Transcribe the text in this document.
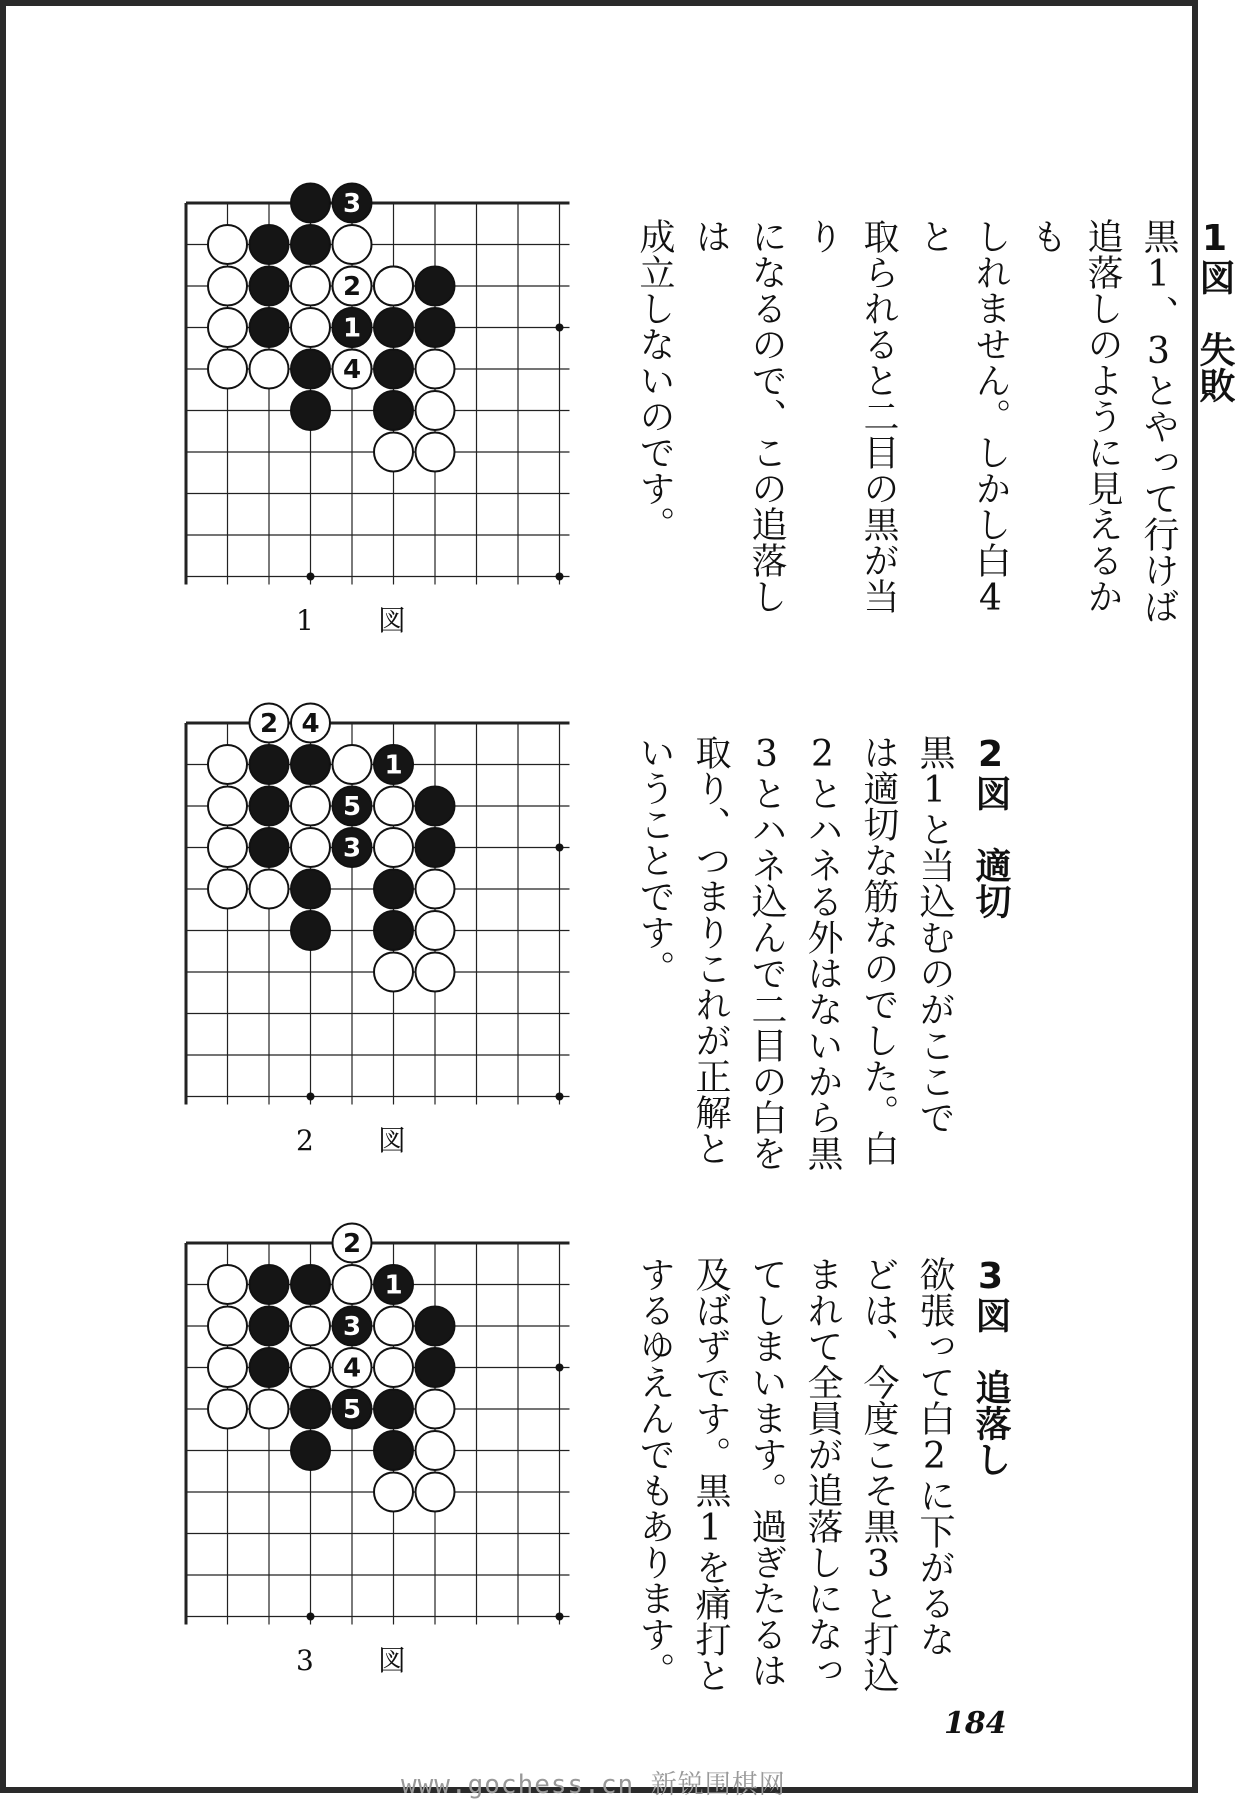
3
2
1
4
1　図
2 4
1
5
3
2　図
2
1
3
4
5
3　図
1図　失敗
黒1、3とやって行けば
追落しのように見えるかも
しれません。しかし白4と
取られると二目の黒が当り
になるので、この追落しは
成立しないのです。
2図　適切
黒1と当込むのがここで
は適切な筋なのでした。白
2とハネる外はないから黒
3とハネ込んで二目の白を
取り、つまりこれが正解と
いうことです。
3図　追落し
欲張って白2に下がるな
どは、今度こそ黒3と打込
まれて全員が追落しになっ
てしまいます。過ぎたるは
及ばずです。黒1を痛打と
するゆえんでもあります。
184
www.gochess.cn 新锐围棋网
